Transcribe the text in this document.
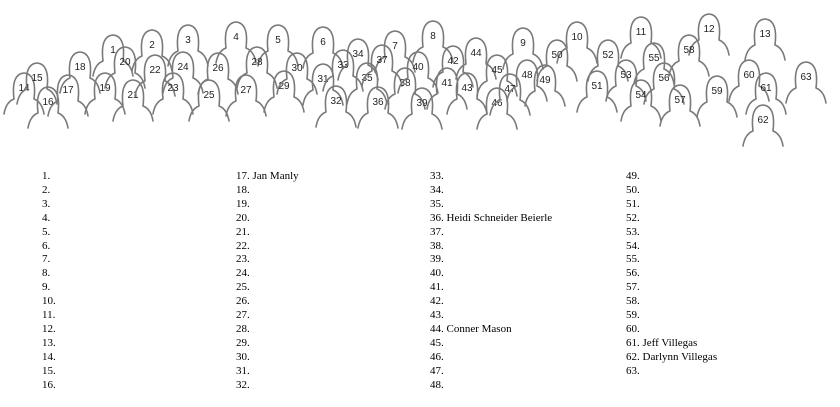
1	2	3	4	5	6	7
8
9
10	11	12	13
14
15
16
17
18
19
20
21
22
23
24
25
26
27
28
29
30
31
32
33
34
35
36
37
38
39
40
41
42
43
44
45
46
47
48 49
50
51
52
53
54
55
56
57
58
59
60
61
62
63
1.
2.
3.
4.
5.
6.
7.
8.
9.
10.
11.
12.
13.
14.
15.
16.
17. Jan Manly
18.
19.
20.
21.
22.
23.
24.
25.
26.
27.
28.
29.
30.
31.
32.
33.
34.
35.
36. Heidi Schneider Beierle
37.
38.
39.
40.
41.
42.
43.
44. Conner Mason
45.
46.
47.
48.
49.
50.
51.
52.
53.
54.
55.
56.
57.
58.
59.
60.
61. Jeff Villegas
62. Darlynn Villegas
63.
